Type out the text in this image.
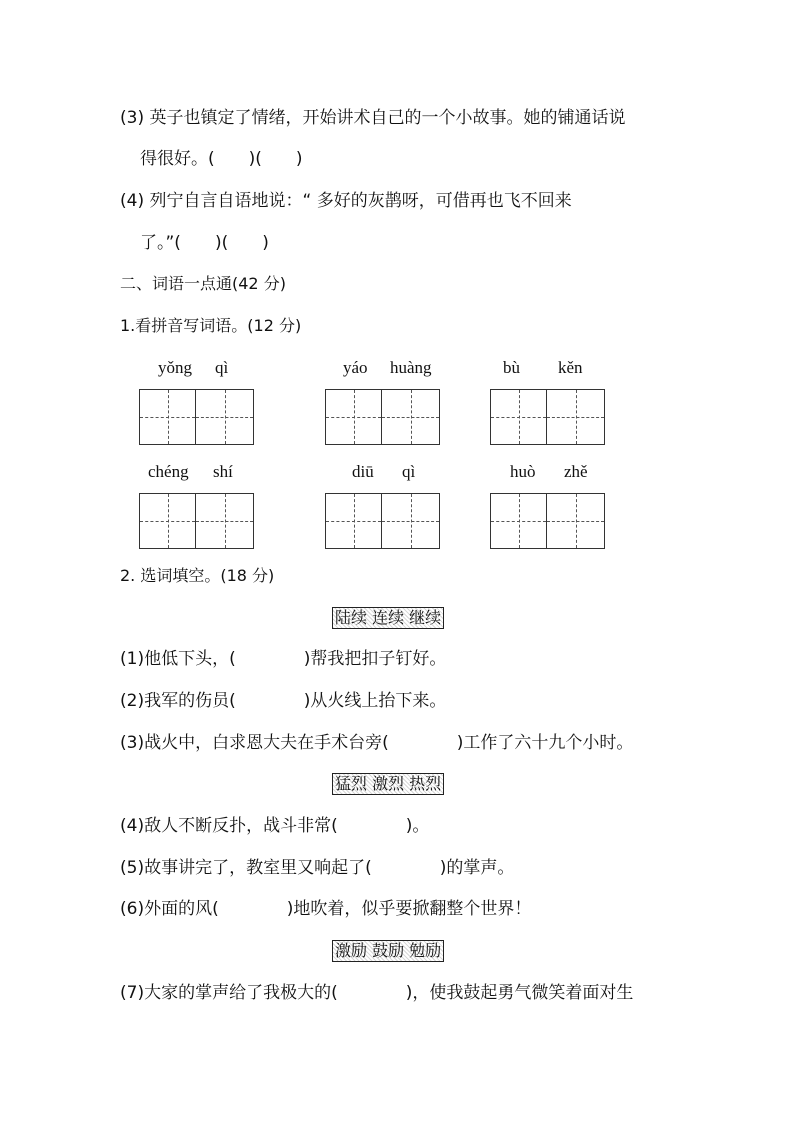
(3) 英子也镇定了情绪，开始讲术自己的一个小故事。她的铺通话说
得很好。(　　)(　　)
(4) 列宁自言自语地说：“ 多好的灰鹊呀，可借再也飞不回来
了。”(　　)(　　)
二、词语一点通(42 分)
1.看拼音写词语。(12 分)
yǒng qì	yáo huàng	bù kěn
chéng shí	diū qì	huò zhě
2. 选词填空。(18 分)
陆续 连续 继续
(1)他低下头，(　　　　)帮我把扣子钉好。
(2)我军的伤员(　　　　)从火线上抬下来。
(3)战火中，白求恩大夫在手术台旁(　　　　)工作了六十九个小时。
猛烈 激烈 热烈
(4)敌人不断反扑，战斗非常(　　　　)。
(5)故事讲完了，教室里又响起了(　　　　)的掌声。
(6)外面的风(　　　　)地吹着，似乎要掀翻整个世界！
激励 鼓励 勉励
(7)大家的掌声给了我极大的(　　　　)，使我鼓起勇气微笑着面对生
